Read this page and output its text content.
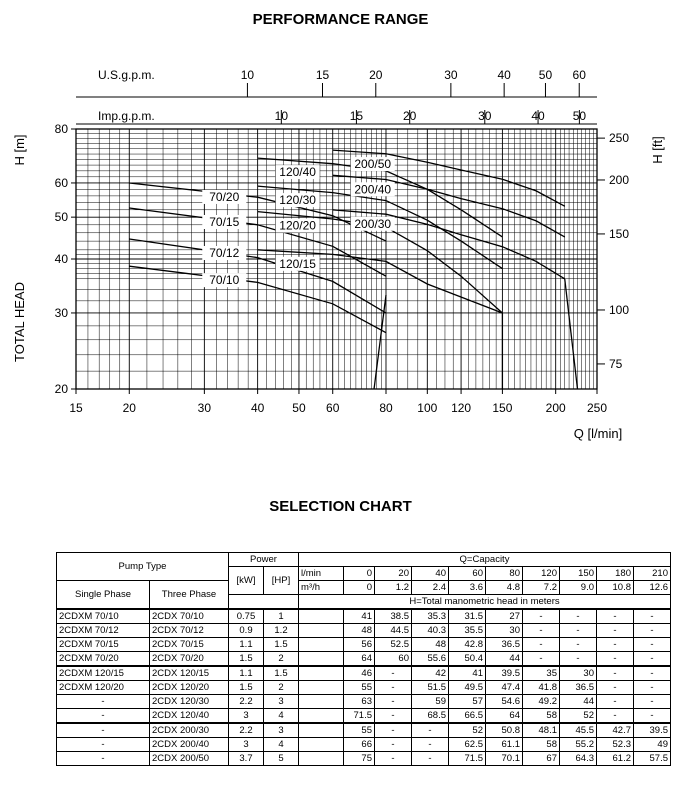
PERFORMANCE RANGE
15	20	30	40 50 60	80 100 120 150	200 250
20
30
40
50
60
80
75
100
150
200
250
U.S.g.p.m.
Imp.g.p.m.
10	15	20	30	40 50 60
10	15	20	30	40 50
Q [l/min]
TOTAL HEAD
H [m]	H [ft]
70/10
70/12
70/15
70/20
120/15
120/20
120/30
120/40
200/30
200/40
200/50
SELECTION CHART
Pump Type		Power		Q=Capacity									
		[kW]	[HP]	l/min	0	20	40	60	80	120	150	180	210
Single Phase	Three Phase			m³/h	0	1.2	2.4	3.6	4.8	7.2	9.0	10.8	12.6
				H=Total manometric head in meters									
2CDXM 70/10	2CDX 70/10	0.75	1		41	38.5	35.3	31.5	27	-	-	-	-
2CDXM 70/12	2CDX 70/12	0.9	1.2		48	44.5	40.3	35.5	30	-	-	-	-
2CDXM 70/15	2CDX 70/15	1.1	1.5		56	52.5	48	42.8	36.5	-	-	-	-
2CDXM 70/20	2CDX 70/20	1.5	2		64	60	55.6	50.4	44	-	-	-	-
2CDXM 120/15	2CDX 120/15	1.1	1.5		46	-	42	41	39.5	35	30	-	-
2CDXM 120/20	2CDX 120/20	1.5	2		55	-	51.5	49.5	47.4	41.8	36.5	-	-
-	2CDX 120/30	2.2	3		63	-	59	57	54.6	49.2	44	-	-
-	2CDX 120/40	3	4		71.5	-	68.5	66.5	64	58	52	-	-
-	2CDX 200/30	2.2	3		55	-	-	52	50.8	48.1	45.5	42.7	39.5
-	2CDX 200/40	3	4		66	-	-	62.5	61.1	58	55.2	52.3	49
-	2CDX 200/50	3.7	5		75	-	-	71.5	70.1	67	64.3	61.2	57.5
